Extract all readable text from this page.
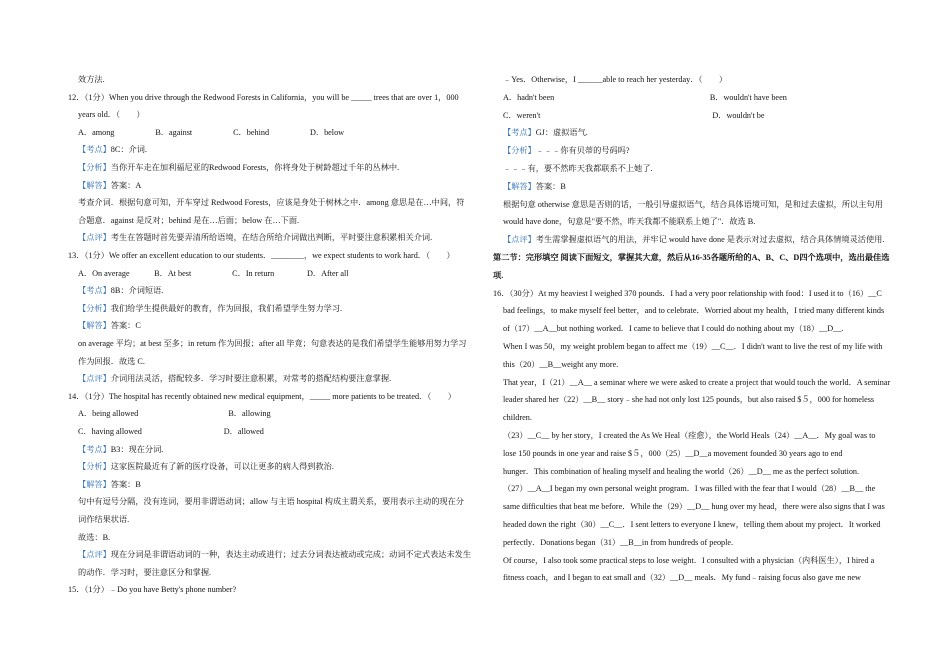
效方法.
12．（1分）When you drive through the Redwood Forests in California，you will be _____ trees that are over 1，000
years old．（　　）
A．among　　　　　B．against　　　　　C．behind　　　　　D．below
【考点】8C：介词.
【分析】当你开车走在加利福尼亚的Redwood Forests，你将身处于树龄超过千年的丛林中.
【解答】答案：A
考查介词．根据句意可知，开车穿过 Redwood Forests，应该是身处于树林之中．among 意思是在…中间，符
合题意．against 是反对；behind 是在…后面；below 在…下面.
【点评】考生在答题时首先要弄清所给语境，在结合所给介词做出判断，平时要注意积累相关介词.
13．（1分）We offer an excellent education to our students．________，we expect students to work hard．（　　）
A．On average　　　B．At best　　　　　C．In return　　　　D．After all
【考点】8B：介词短语.
【分析】我们给学生提供最好的教育，作为回报，我们希望学生努力学习.
【解答】答案：C
on average 平均；at best 至多；in return 作为回报；after all 毕竟；句意表达的是我们希望学生能够用努力学习
作为回报．故选 C.
【点评】介词用法灵活，搭配较多．学习时要注意积累，对常考的搭配结构要注意掌握.
14．（1分）The hospital has recently obtained new medical equipment，_____ more patients to be treated．（　　）
A．being allowed　　　　　　　　　　　B．allowing
C．having allowed　　　　　　　　　　D．allowed
【考点】B3：现在分词.
【分析】这家医院最近有了新的医疗设备，可以让更多的病人得到救治.
【解答】答案：B
句中有逗号分隔，没有连词，要用非谓语动词；allow 与主语 hospital 构成主谓关系，要用表示主动的现在分
词作结果状语.
故选：B.
【点评】现在分词是非谓语动词的一种，表达主动或进行；过去分词表达被动或完成；动词不定式表达未发生
的动作．学习时，要注意区分和掌握.
15．（1分）﹣Do you have Betty's phone number?
﹣Yes．Otherwise，I ______able to reach her yesterday．（　　）
A．hadn't been　　　　　　　　　　　　　　　　　　　B．wouldn't have been
C．weren't　　　　　　　　　　　　　　　　　　　　　D．wouldn't be
【考点】GJ：虚拟语气.
【分析】﹣﹣﹣你有贝蒂的号码吗?
﹣﹣﹣有，要不然昨天我都联系不上她了.
【解答】答案：B
根据句意 otherwise 意思是否则的话，一般引导虚拟语气，结合具体语境可知，是和过去虚拟，所以主句用
would have done，句意是"要不然，昨天我都不能联系上她了"．故选 B.
【点评】考生需掌握虚拟语气的用法，并牢记 would have done 是表示对过去虚拟，结合具体情境灵活使用.
第二节：完形填空 阅读下面短文，掌握其大意，然后从16-35各题所给的A、B、C、D四个选项中，选出最佳选
项.
16．（30分）At my heaviest I weighed 370 pounds．I had a very poor relationship with food：I used it to（16）__C
bad feelings，to make myself feel better，and to celebrate．Worried about my health，I tried many different kinds
of（17）__A__but nothing worked．I came to believe that I could do nothing about my（18）__D__.
When I was 50，my weight problem began to affect me（19）__C__．I didn't want to live the rest of my life with
this（20）__B__weight any more.
That year，I（21）__A__ a seminar where we were asked to create a project that would touch the world．A seminar
leader shared her（22）__B__ story﹣she had not only lost 125 pounds，but also raised $５，000 for homeless
children.
（23）__C__ by her story，I created the As We Heal（痊愈），the World Heals（24）__A__．My goal was to
lose 150 pounds in one year and raise $５，000（25）__D__a movement founded 30 years ago to end
hunger．This combination of healing myself and healing the world（26）__D__ me as the perfect solution.
（27）__A__I began my own personal weight program．I was filled with the fear that I would（28）__B__ the
same difficulties that beat me before．While the（29）__D__ hung over my head，there were also signs that I was
headed down the right（30）__C__．I sent letters to everyone I knew，telling them about my project．It worked
perfectly．Donations began（31）__B__in from hundreds of people.
Of course，I also took some practical steps to lose weight．I consulted with a physician（内科医生），I hired a
fitness coach，and I began to eat small and（32）__D__ meals．My fund﹣raising focus also gave me new
